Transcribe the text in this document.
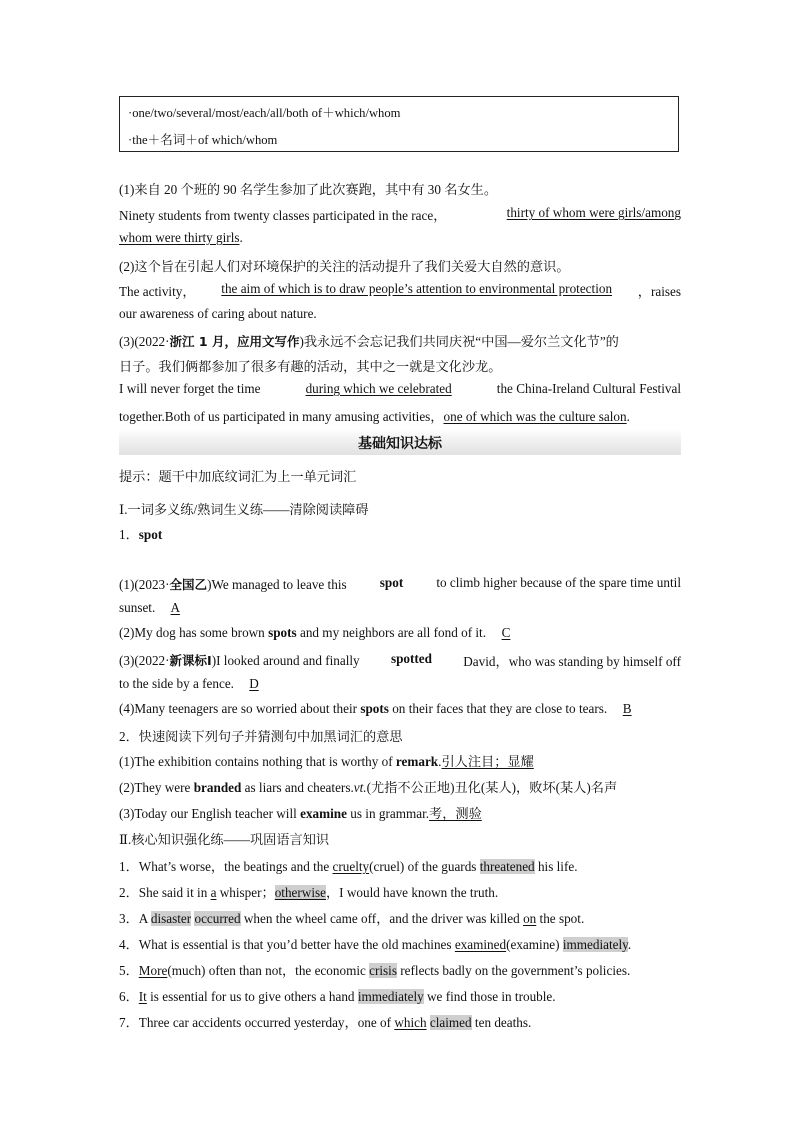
·one/two/several/most/each/all/both of＋which/whom
·the＋名词＋of which/whom
(1)来自 20 个班的 90 名学生参加了此次赛跑，其中有 30 名女生。
Ninety students from twenty classes participated in the race，	thirty of whom were girls/among
whom were thirty girls.
(2)这个旨在引起人们对环境保护的关注的活动提升了我们关爱大自然的意识。
The activity， the aim of which is to draw people’s attention to environmental protection ，raises
our awareness of caring about nature.
(3)(2022·浙江 1 月，应用文写作)我永远不会忘记我们共同庆祝“中国—爱尔兰文化节”的
日子。我们俩都参加了很多有趣的活动，其中之一就是文化沙龙。
I will never forget the time	during which we celebrated	the China-Ireland Cultural Festival
together.Both of us participated in many amusing activities，one of which was the culture salon.
基础知识达标
提示：题干中加底纹词汇为上一单元词汇
Ⅰ.一词多义练/熟词生义练——清除阅读障碍
1．spot
(1)(2023·全国乙)We managed to leave this	spot	to climb higher because of the spare time until
sunset. A
(2)My dog has some brown spots and my neighbors are all fond of it. C
(3)(2022·新课标Ⅰ)I looked around and finally spotted David，who was standing by himself off
to the side by a fence. D
(4)Many teenagers are so worried about their spots on their faces that they are close to tears. B
2．快速阅读下列句子并猜测句中加黑词汇的意思
(1)The exhibition contains nothing that is worthy of remark.引人注目；显耀
(2)They were branded as liars and cheaters.vt.(尤指不公正地)丑化(某人)，败坏(某人)名声
(3)Today our English teacher will examine us in grammar.考，测验
Ⅱ.核心知识强化练——巩固语言知识
1．What’s worse，the beatings and the cruelty(cruel) of the guards threatened his life.
2．She said it in a whisper；otherwise，I would have known the truth.
3．A disaster occurred when the wheel came off，and the driver was killed on the spot.
4．What is essential is that you’d better have the old machines examined(examine) immediately.
5．More(much) often than not，the economic crisis reflects badly on the government’s policies.
6．It is essential for us to give others a hand immediately we find those in trouble.
7．Three car accidents occurred yesterday，one of which claimed ten deaths.
